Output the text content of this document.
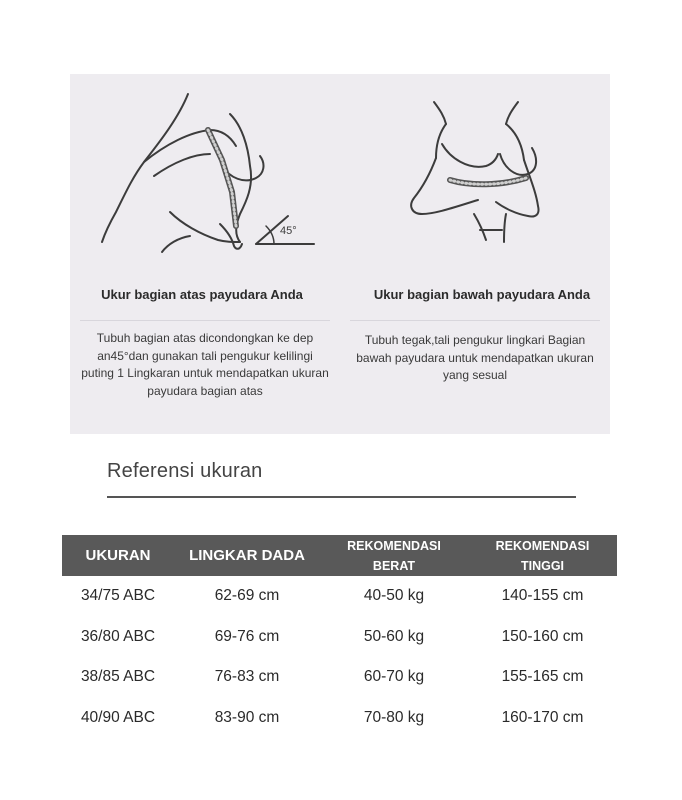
45°
Ukur bagian atas payudara Anda	Ukur bagian bawah payudara Anda
Tubuh bagian atas dicondongkan ke dep an45°dan gunakan tali pengukur kelilingi puting 1 Lingkaran untuk mendapatkan ukuran payudara bagian atas
Tubuh tegak,tali pengukur lingkari Bagian bawah payudara untuk mendapatkan ukuran yang sesual
Referensi ukuran
UKURAN	LINGKAR DADA	REKOMENDASI BERAT	REKOMENDASI TINGGI
34/75 ABC	62-69 cm	40-50 kg	140-155 cm
36/80 ABC	69-76 cm	50-60 kg	150-160 cm
38/85 ABC	76-83 cm	60-70 kg	155-165 cm
40/90 ABC	83-90 cm	70-80 kg	160-170 cm
